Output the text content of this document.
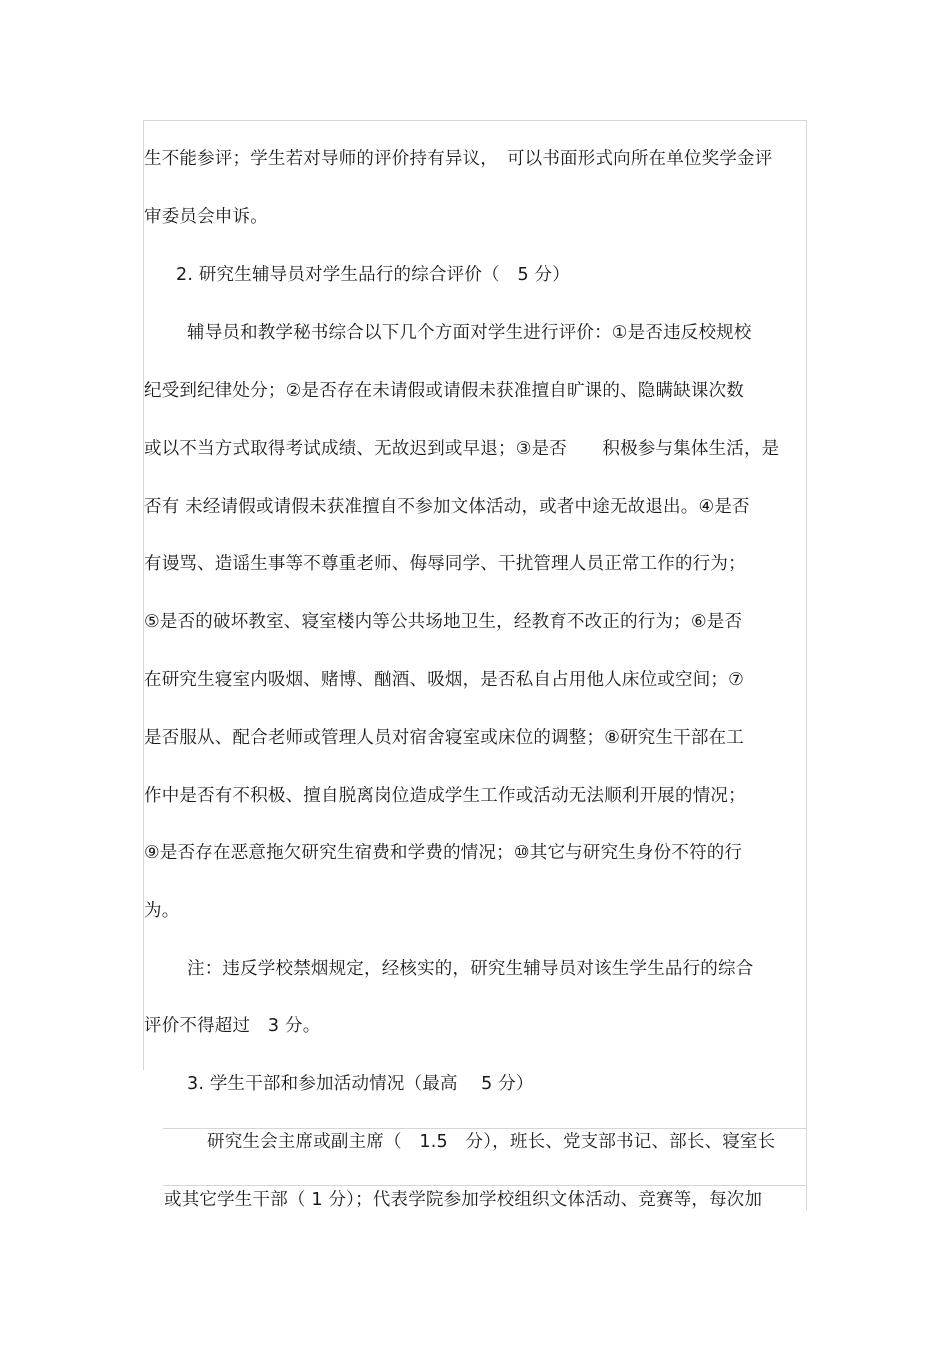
生不能参评；学生若对导师的评价持有异议，　可以书面形式向所在单位奖学金评
审委员会申诉。
2. 研究生辅导员对学生品行的综合评价（　5 分）
辅导员和教学秘书综合以下几个方面对学生进行评价：①是否违反校规校
纪受到纪律处分；②是否存在未请假或请假未获准擅自旷课的、隐瞒缺课次数
或以不当方式取得考试成绩、无故迟到或早退；③是否　　积极参与集体生活，是
否有 未经请假或请假未获准擅自不参加文体活动，或者中途无故退出。④是否
有谩骂、造谣生事等不尊重老师、侮辱同学、干扰管理人员正常工作的行为；
⑤是否的破坏教室、寝室楼内等公共场地卫生，经教育不改正的行为；⑥是否
在研究生寝室内吸烟、赌博、酗酒、吸烟，是否私自占用他人床位或空间；⑦
是否服从、配合老师或管理人员对宿舍寝室或床位的调整；⑧研究生干部在工
作中是否有不积极、擅自脱离岗位造成学生工作或活动无法顺利开展的情况；
⑨是否存在恶意拖欠研究生宿费和学费的情况；⑩其它与研究生身份不符的行
为。
注：违反学校禁烟规定，经核实的，研究生辅导员对该生学生品行的综合
评价不得超过　3 分。
3. 学生干部和参加活动情况（最高　 5 分）
研究生会主席或副主席（　1.5　分），班长、党支部书记、部长、寝室长
或其它学生干部（ 1 分）；代表学院参加学校组织文体活动、竞赛等，每次加
